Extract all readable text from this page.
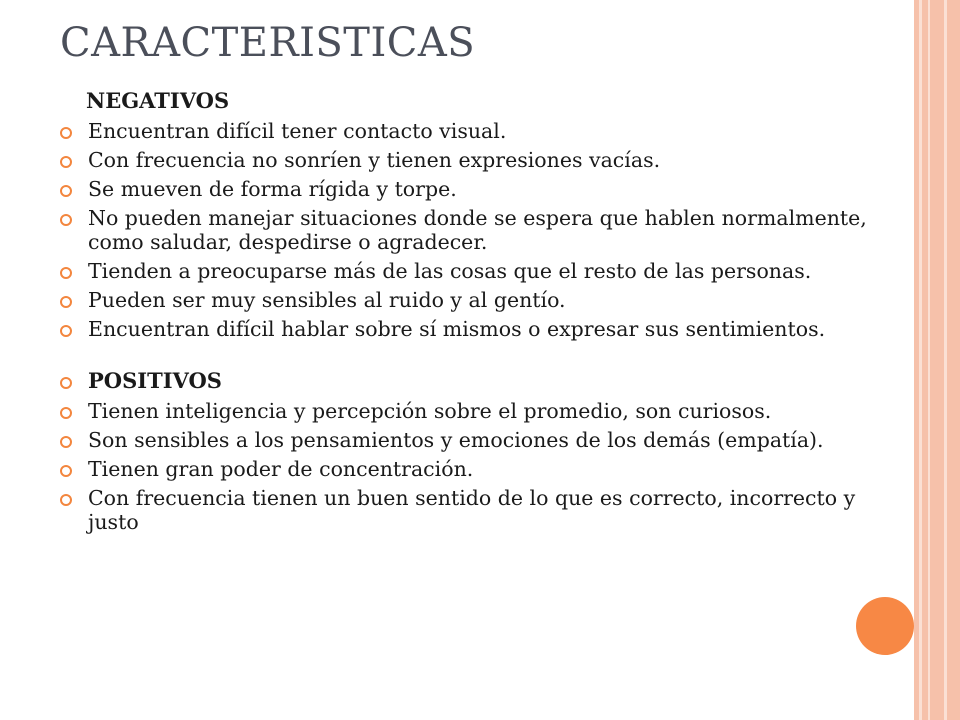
CARACTERISTICAS
NEGATIVOS
Encuentran difícil tener contacto visual.
Con frecuencia no sonríen y tienen expresiones vacías.
Se mueven de forma rígida y torpe.
No pueden manejar situaciones donde se espera que hablen normalmente, como saludar, despedirse o agradecer.
Tienden a preocuparse más de las cosas que el resto de las personas.
Pueden ser muy sensibles al ruido y al gentío.
Encuentran difícil hablar sobre sí mismos o expresar sus sentimientos.
POSITIVOS
Tienen inteligencia y percepción sobre el promedio, son curiosos.
Son sensibles a los pensamientos y emociones de los demás (empatía).
Tienen gran poder de concentración.
Con frecuencia tienen un buen sentido de lo que es correcto, incorrecto y justo
